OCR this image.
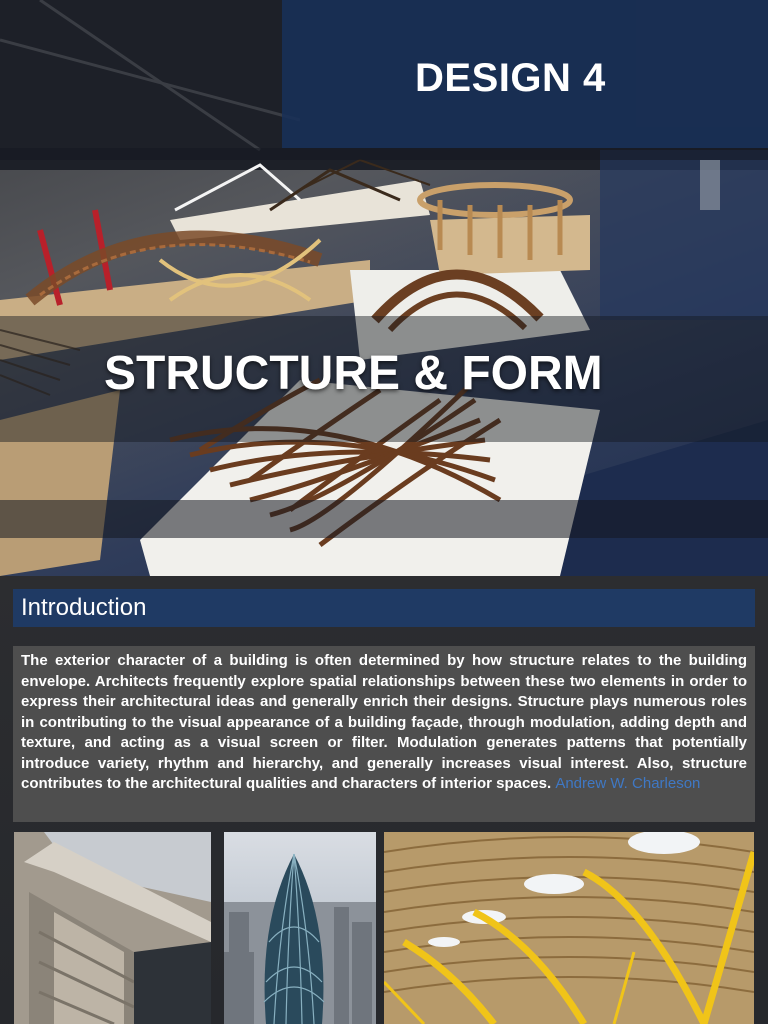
DESIGN 4
STRUCTURE & FORM
Introduction

The exterior character of a building is often determined by how structure relates to the building envelope. Architects frequently explore spatial relationships between these two elements in order to express their architectural ideas and generally enrich their designs. Structure plays numerous roles in contributing to the visual appearance of a building façade, through modulation, adding depth and texture, and acting as a visual screen or filter. Modulation generates patterns that potentially introduce variety, rhythm and hierarchy, and generally increases visual interest. Also, structure contributes to the architectural qualities and characters of interior spaces. Andrew W. Charleson
